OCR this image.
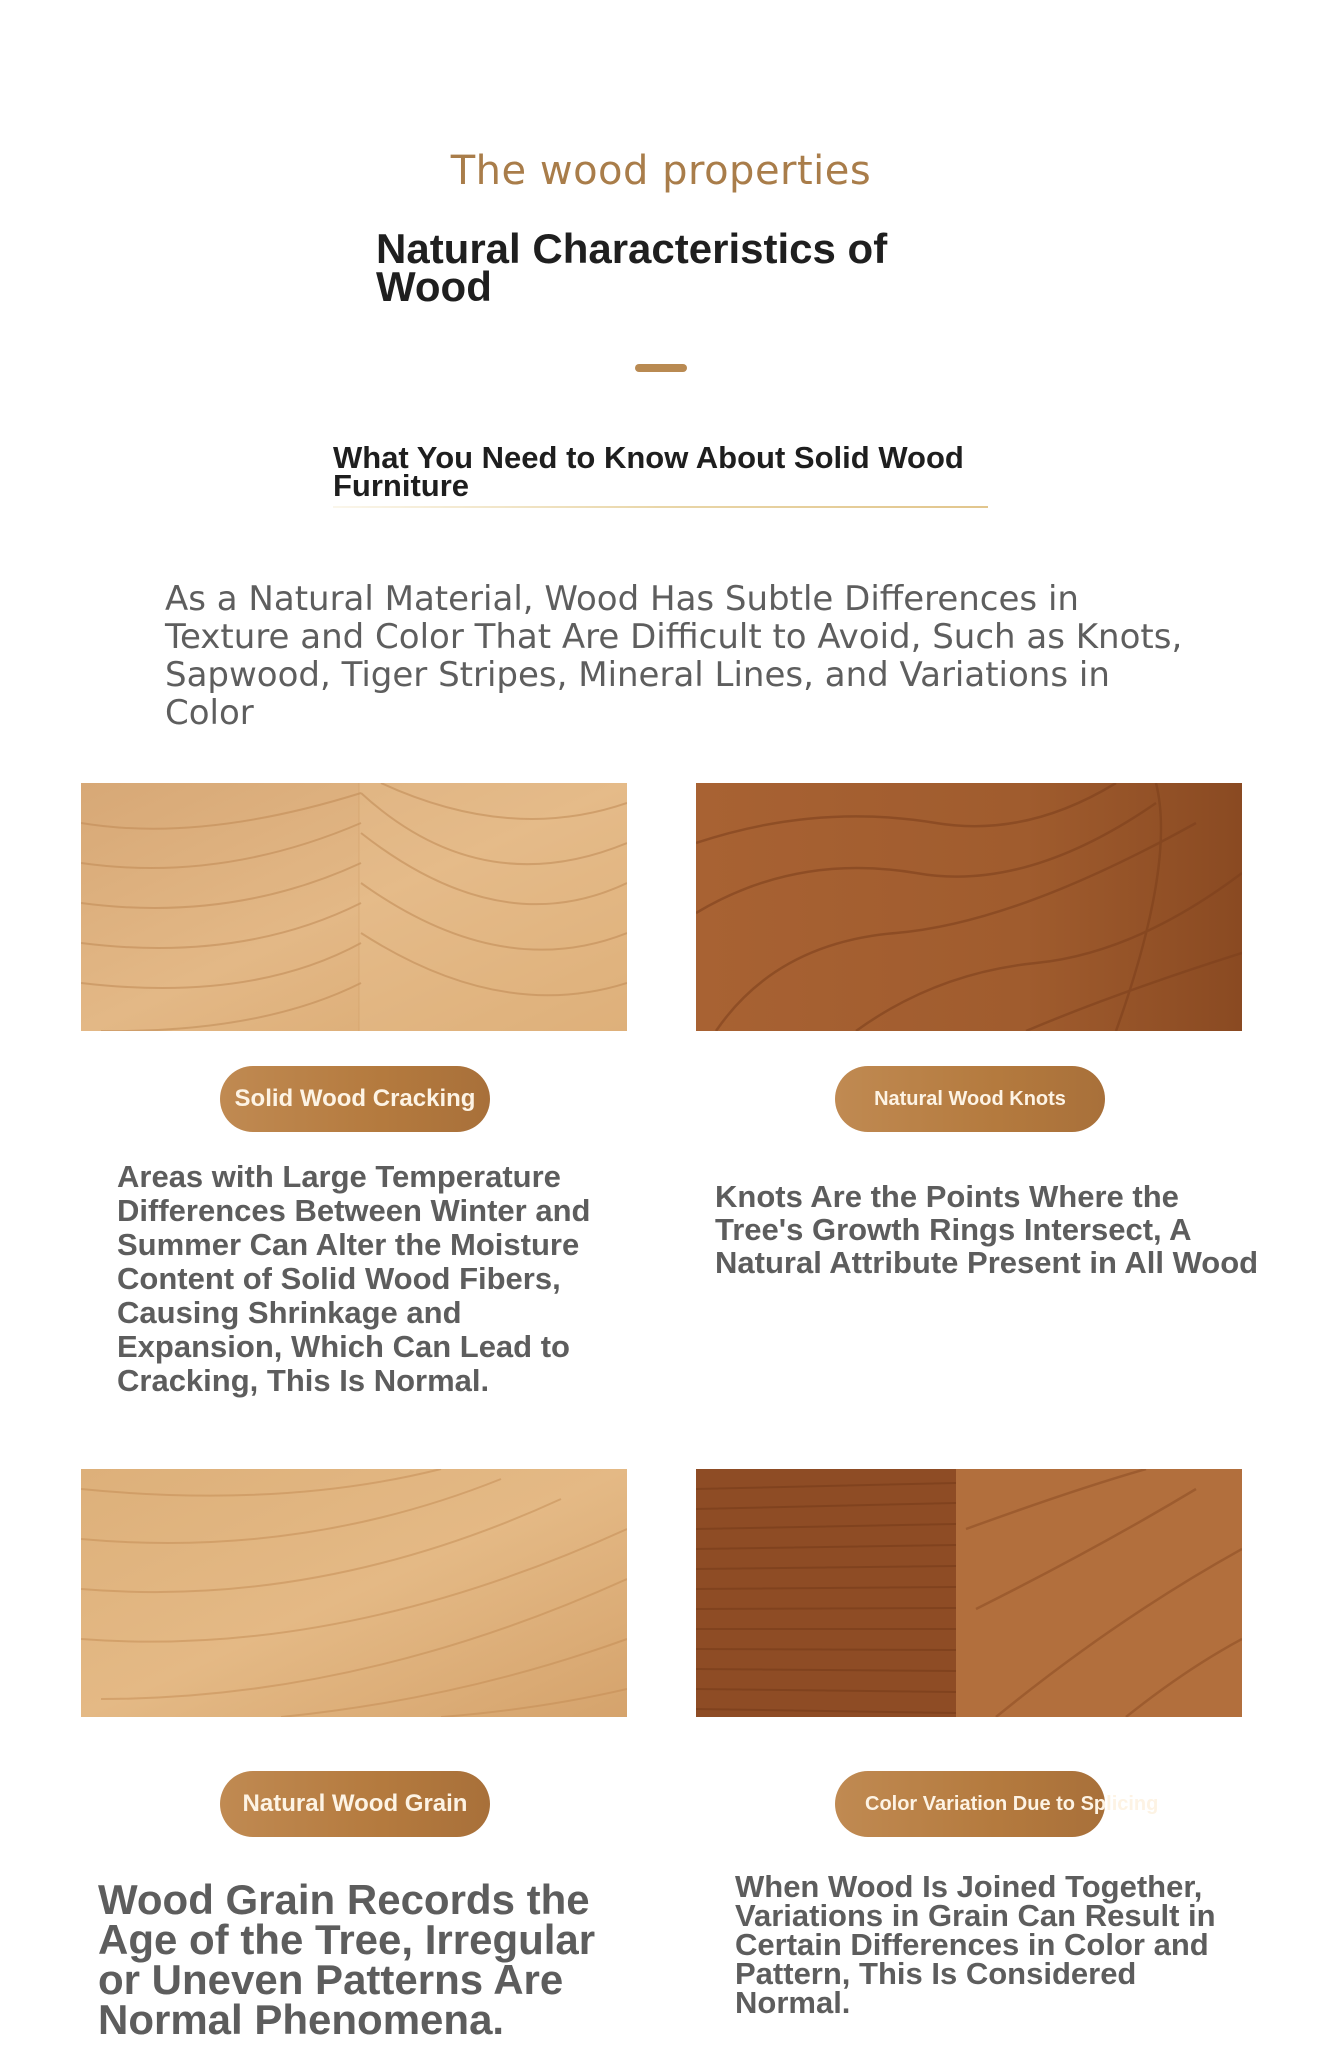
The wood properties
Natural Characteristics of Wood
What You Need to Know About Solid Wood Furniture
As a Natural Material, Wood Has Subtle Differences in Texture and Color That Are Difficult to Avoid, Such as Knots, Sapwood, Tiger Stripes, Mineral Lines, and Variations in Color
Solid Wood Cracking
Areas with Large Temperature Differences Between Winter and Summer Can Alter the Moisture Content of Solid Wood Fibers, Causing Shrinkage and Expansion, Which Can Lead to Cracking, This Is Normal.
Natural Wood Knots
Knots Are the Points Where the Tree's Growth Rings Intersect, A Natural Attribute Present in All Wood
Natural Wood Grain
Wood Grain Records the Age of the Tree, Irregular or Uneven Patterns Are Normal Phenomena.
Color Variation Due to Splicing
When Wood Is Joined Together, Variations in Grain Can Result in Certain Differences in Color and Pattern, This Is Considered Normal.
